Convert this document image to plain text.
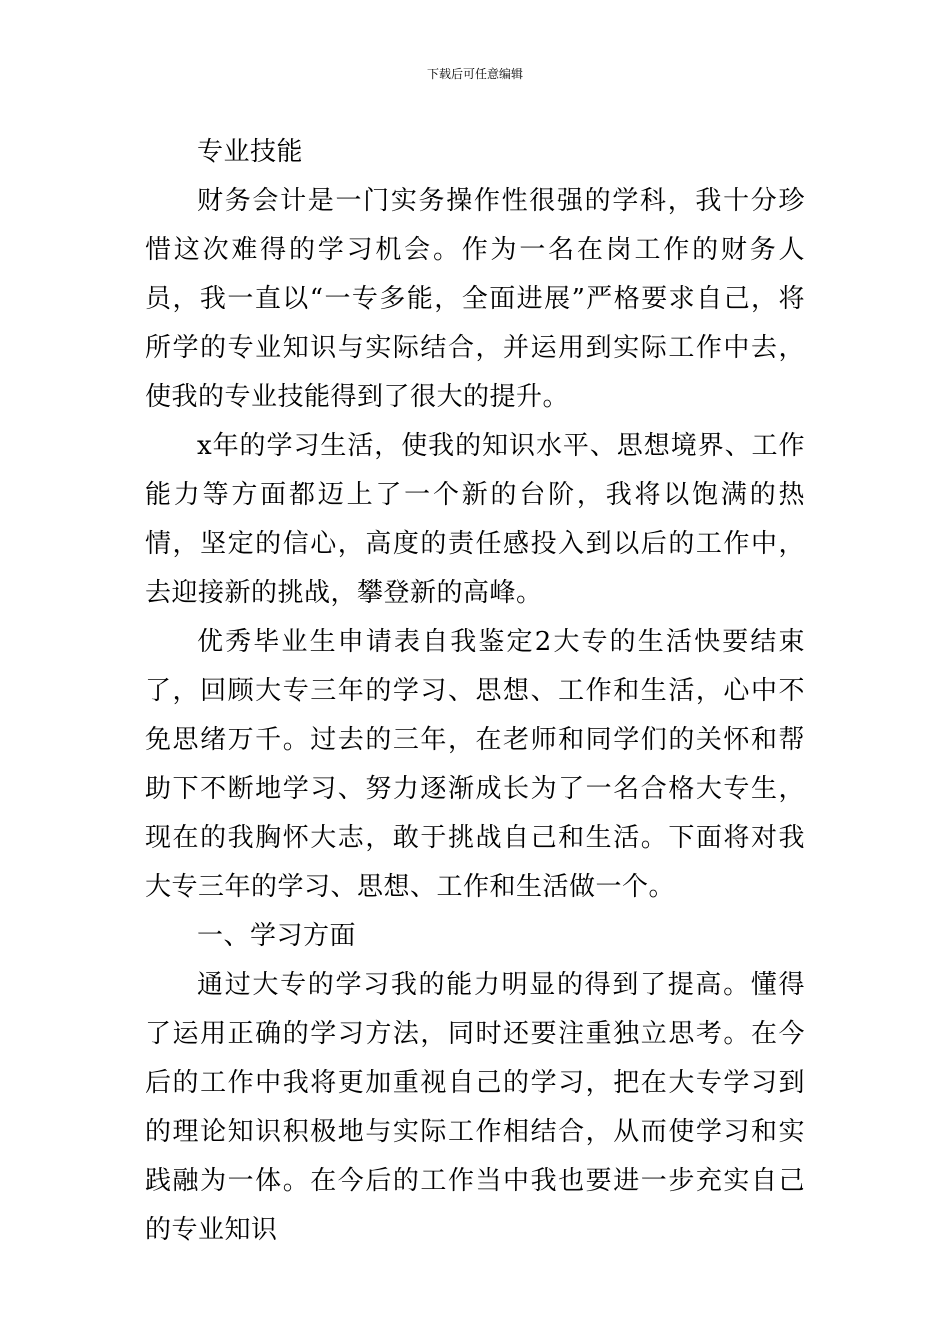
下载后可任意编辑

专业技能

财务会计是一门实务操作性很强的学科，我十分珍惜这次难得的学习机会。作为一名在岗工作的财务人员，我一直以“一专多能，全面进展”严格要求自己，将所学的专业知识与实际结合，并运用到实际工作中去，使我的专业技能得到了很大的提升。

x年的学习生活，使我的知识水平、思想境界、工作能力等方面都迈上了一个新的台阶，我将以饱满的热情，坚定的信心，高度的责任感投入到以后的工作中，去迎接新的挑战，攀登新的高峰。

优秀毕业生申请表自我鉴定2大专的生活快要结束了，回顾大专三年的学习、思想、工作和生活，心中不免思绪万千。过去的三年，在老师和同学们的关怀和帮助下不断地学习、努力逐渐成长为了一名合格大专生，现在的我胸怀大志，敢于挑战自己和生活。下面将对我大专三年的学习、思想、工作和生活做一个。

一、学习方面

通过大专的学习我的能力明显的得到了提高。懂得了运用正确的学习方法，同时还要注重独立思考。在今后的工作中我将更加重视自己的学习，把在大专学习到的理论知识积极地与实际工作相结合，从而使学习和实践融为一体。在今后的工作当中我也要进一步充实自己的专业知识
